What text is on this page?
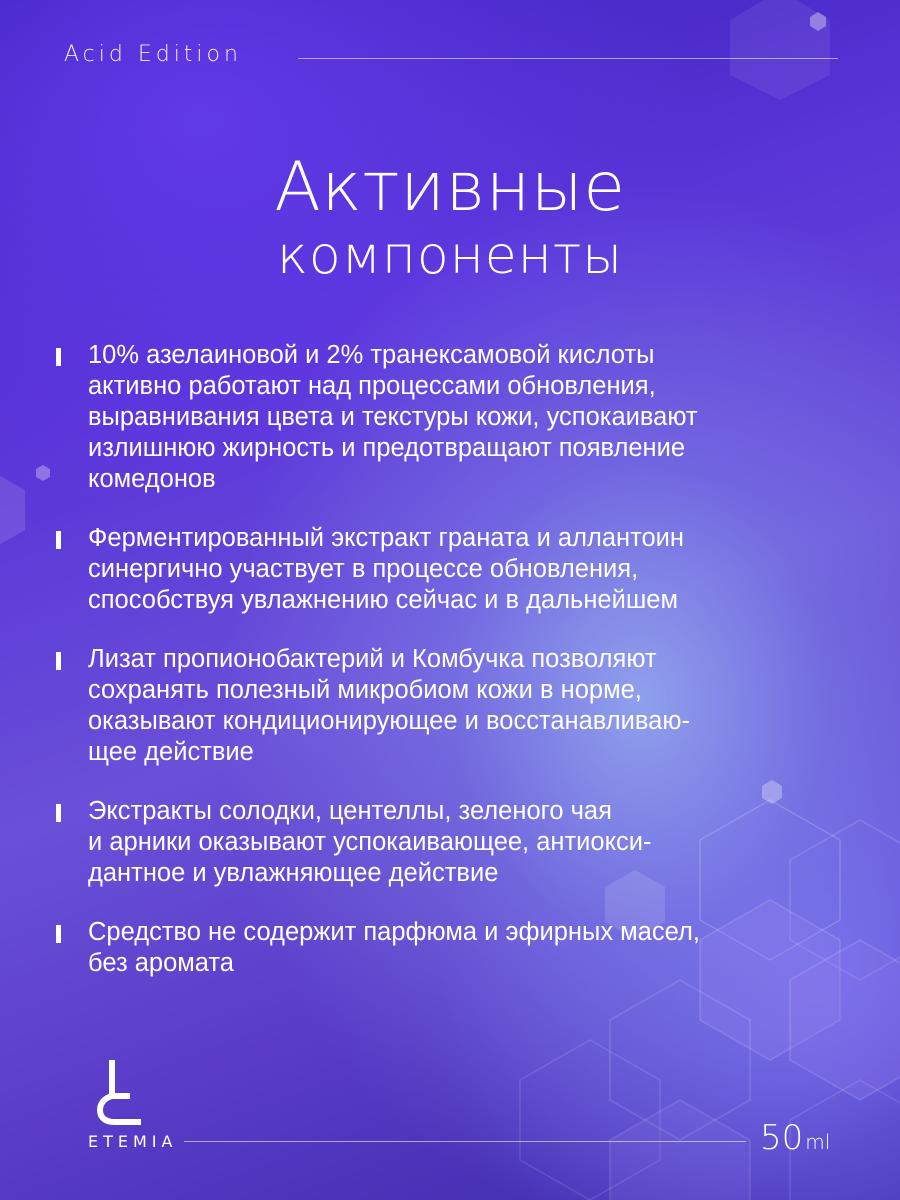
Acid Edition
Активные
компоненты
10% азелаиновой и 2% транексамовой кислоты
активно работают над процессами обновления,
выравнивания цвета и текстуры кожи, успокаивают
излишнюю жирность и предотвращают появление
комедонов
Ферментированный экстракт граната и аллантоин
синергично участвует в процессе обновления,
способствуя увлажнению сейчас и в дальнейшем
Лизат пропионобактерий и Комбучка позволяют
сохранять полезный микробиом кожи в норме,
оказывают кондиционирующее и восстанавливаю-
щее действие
Экстракты солодки, центеллы, зеленого чая
и арники оказывают успокаивающее, антиокси-
дантное и увлажняющее действие
Средство не содержит парфюма и эфирных масел,
без аромата
ETEMIA	50 ml
